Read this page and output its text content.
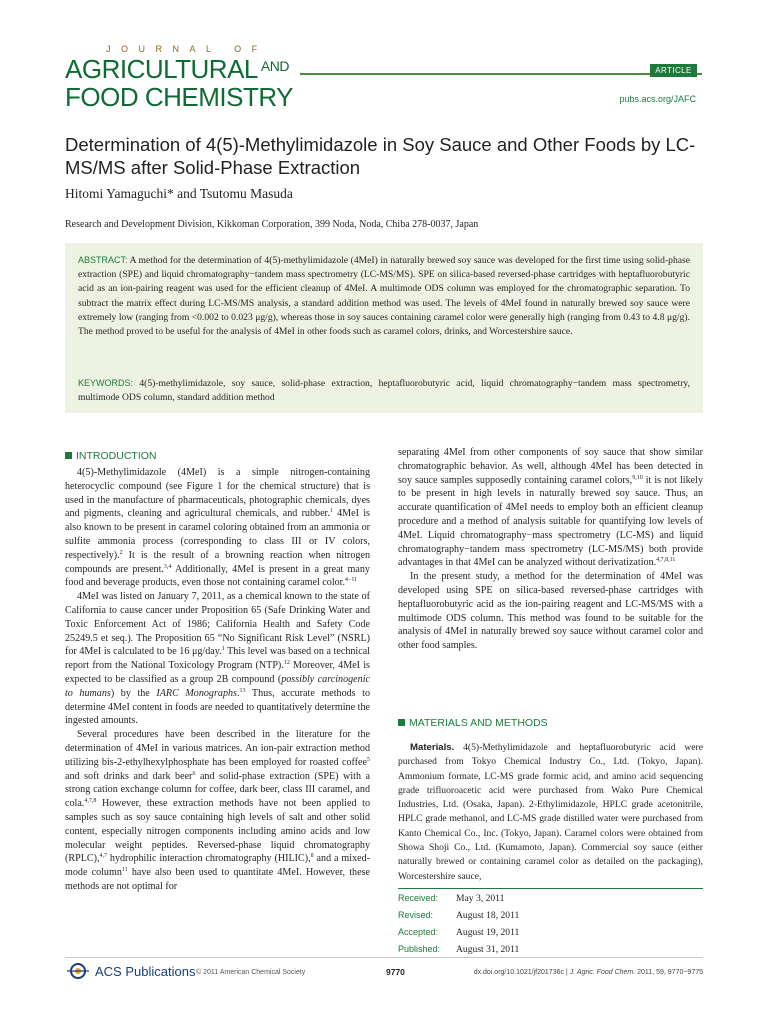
JOURNAL OF
AGRICULTURAL $^{AND}$
FOOD CHEMISTRY
ARTICLE
pubs.acs.org/JAFC
Determination of 4(5)-Methylimidazole in Soy Sauce and Other Foods by LC-MS/MS after Solid-Phase Extraction
Hitomi Yamaguchi* and Tsutomu Masuda
Research and Development Division, Kikkoman Corporation, 399 Noda, Noda, Chiba 278-0037, Japan
ABSTRACT: A method for the determination of 4(5)-methylimidazole (4MeI) in naturally brewed soy sauce was developed for the first time using solid-phase extraction (SPE) and liquid chromatography−tandem mass spectrometry (LC-MS/MS). SPE on silica-based reversed-phase cartridges with heptafluorobutyric acid as an ion-pairing reagent was used for the efficient cleanup of 4MeI. A multimode ODS column was employed for the chromatographic separation. To subtract the matrix effect during LC-MS/MS analysis, a standard addition method was used. The levels of 4MeI found in naturally brewed soy sauce were extremely low (ranging from <0.002 to 0.023 μg/g), whereas those in soy sauces containing caramel color were generally high (ranging from 0.43 to 4.8 μg/g). The method proved to be useful for the analysis of 4MeI in other foods such as caramel colors, drinks, and Worcestershire sauce.
KEYWORDS: 4(5)-methylimidazole, soy sauce, solid-phase extraction, heptafluorobutyric acid, liquid chromatography−tandem mass spectrometry, multimode ODS column, standard addition method
INTRODUCTION

4(5)-Methylimidazole (4MeI) is a simple nitrogen-containing heterocyclic compound (see Figure 1 for the chemical structure) that is used in the manufacture of pharmaceuticals, photographic chemicals, dyes and pigments, cleaning and agricultural chemicals, and rubber.$^1$ 4MeI is also known to be present in caramel coloring obtained from an ammonia or sulfite ammonia process (corresponding to class III or IV colors, respectively).$^2$ It is the result of a browning reaction when nitrogen compounds are present.$^{3,4}$ Additionally, 4MeI is present in a great many food and beverage products, even those not containing caramel color.$^{4-11}$

4MeI was listed on January 7, 2011, as a chemical known to the state of California to cause cancer under Proposition 65 (Safe Drinking Water and Toxic Enforcement Act of 1986; California Health and Safety Code 25249.5 et seq.). The Proposition 65 “No Significant Risk Level” (NSRL) for 4MeI is calculated to be 16 μg/day.$^1$ This level was based on a technical report from the National Toxicology Program (NTP).$^{12}$ Moreover, 4MeI is expected to be classified as a group 2B compound (possibly carcinogenic to humans) by the IARC Monographs.$^{13}$ Thus, accurate methods to determine 4MeI content in foods are needed to quantitatively determine the ingested amounts.

Several procedures have been described in the literature for the determination of 4MeI in various matrices. An ion-pair extraction method utilizing bis-2-ethylhexylphosphate has been employed for roasted coffee$^5$ and soft drinks and dark beer$^6$ and solid-phase extraction (SPE) with a strong cation exchange column for coffee, dark beer, class III caramel, and cola.$^{4,7,8}$ However, these extraction methods have not been applied to samples such as soy sauce containing high levels of salt and other solid content, especially nitrogen components including amino acids and low molecular weight peptides. Reversed-phase liquid chromatography (RPLC),$^{4,7}$ hydrophilic interaction chromatography (HILIC),$^8$ and a mixed-mode column$^{11}$ have also been used to quantitate 4MeI. However, these methods are not optimal for

separating 4MeI from other components of soy sauce that show similar chromatographic behavior. As well, although 4MeI has been detected in soy sauce samples supposedly containing caramel colors,$^{9,10}$ it is not likely to be present in high levels in naturally brewed soy sauce. Thus, an accurate quantification of 4MeI needs to employ both an efficient cleanup procedure and a method of analysis suitable for quantifying low levels of 4MeI. Liquid chromatography−mass spectrometry (LC-MS) and liquid chromatography−tandem mass spectrometry (LC-MS/MS) both provide advantages in that 4MeI can be analyzed without derivatization.$^{4,7,8,11}$

In the present study, a method for the determination of 4MeI was developed using SPE on silica-based reversed-phase cartridges with heptafluorobutyric acid as the ion-pairing reagent and LC-MS/MS with a multimode ODS column. This method was found to be suitable for the analysis of 4MeI in naturally brewed soy sauce without caramel color and other food samples.

MATERIALS AND METHODS

Materials. 4(5)-Methylimidazole and heptafluorobutyric acid were purchased from Tokyo Chemical Industry Co., Ltd. (Tokyo, Japan). Ammonium formate, LC-MS grade formic acid, and amino acid sequencing grade trifluoroacetic acid were purchased from Wako Pure Chemical Industries, Ltd. (Osaka, Japan). 2-Ethylimidazole, HPLC grade acetonitrile, HPLC grade methanol, and LC-MS grade distilled water were purchased from Kanto Chemical Co., Inc. (Tokyo, Japan). Caramel colors were obtained from Showa Shoji Co., Ltd. (Kumamoto, Japan). Commercial soy sauce (either naturally brewed or containing caramel color as detailed on the packaging), Worcestershire sauce,

Received: May 3, 2011
Revised: August 18, 2011
Accepted: August 19, 2011
Published: August 31, 2011
ACS Publications © 2011 American Chemical Society	9770	dx.doi.org/10.1021/jf201736c | J. Agric. Food Chem. 2011, 59, 9770−9775
